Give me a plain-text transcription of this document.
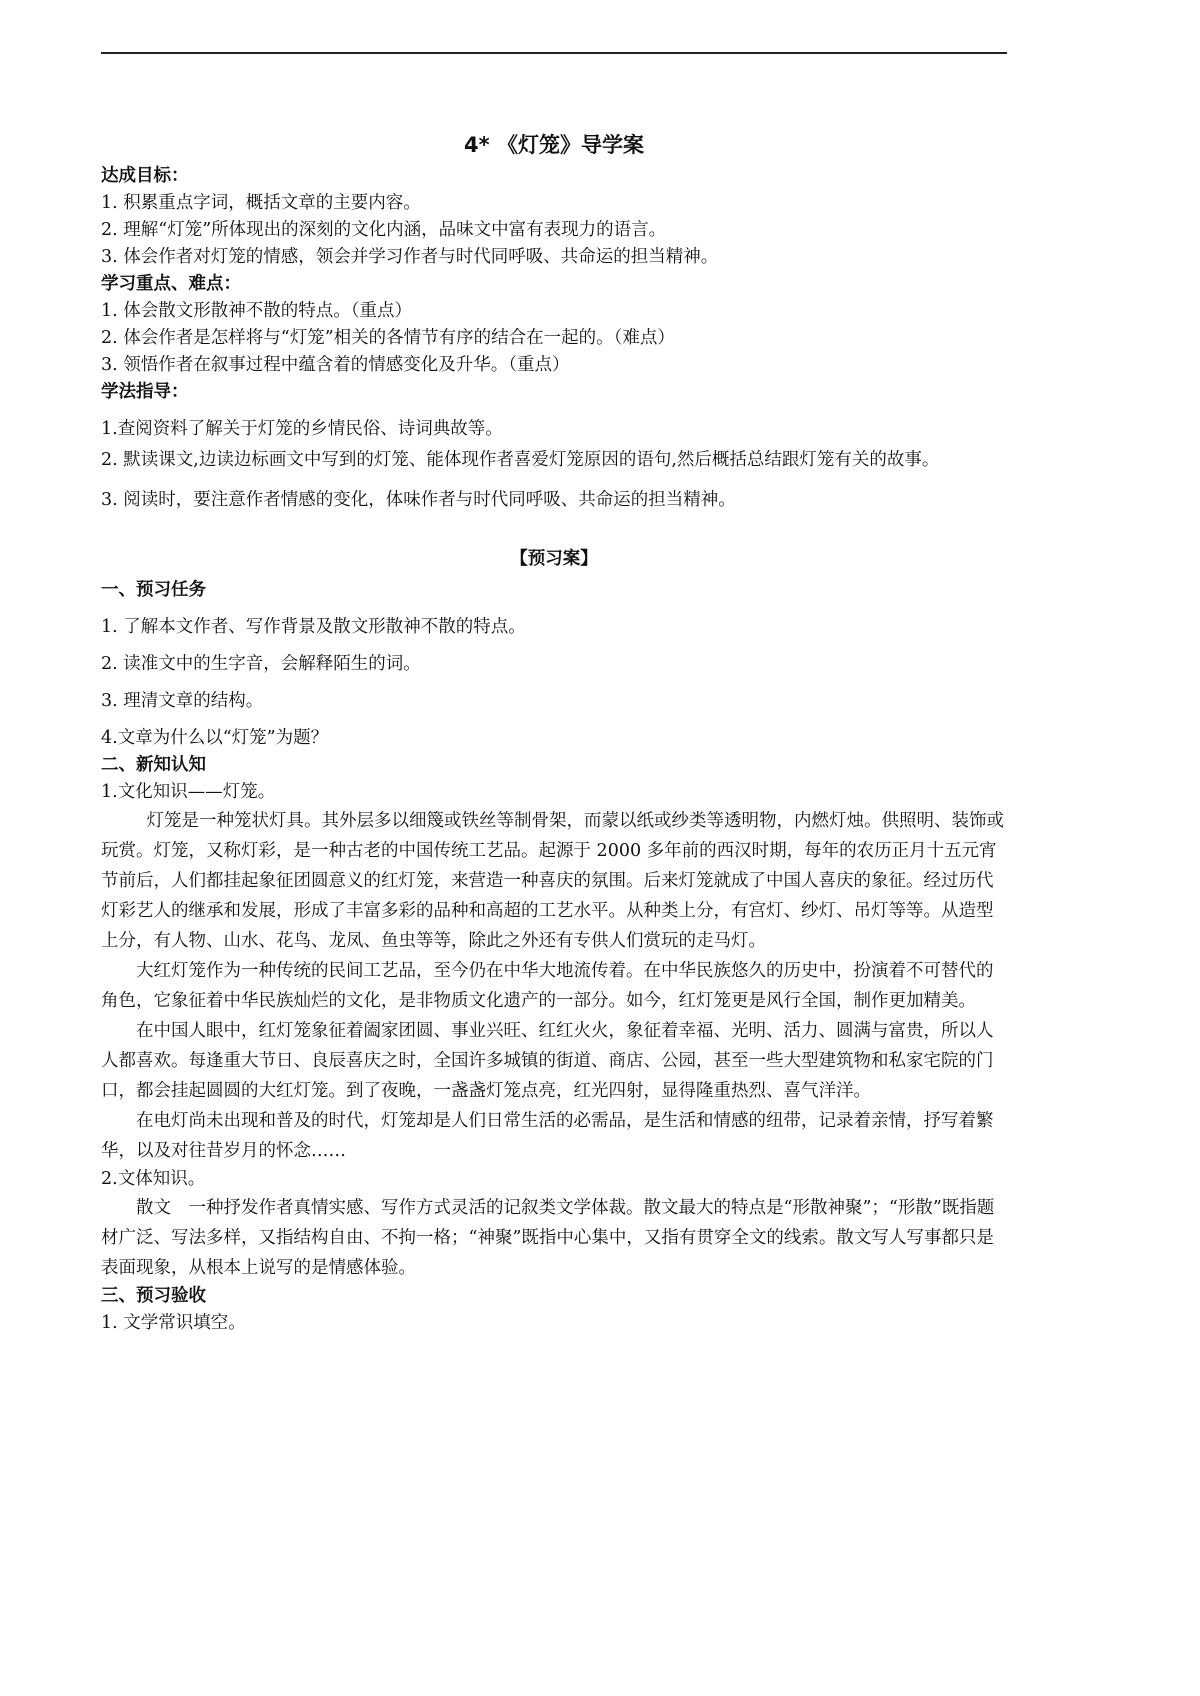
4* 《灯笼》导学案
达成目标：
1. 积累重点字词，概括文章的主要内容。
2. 理解“灯笼”所体现出的深刻的文化内涵，品味文中富有表现力的语言。
3. 体会作者对灯笼的情感，领会并学习作者与时代同呼吸、共命运的担当精神。
学习重点、难点：
1. 体会散文形散神不散的特点。（重点）
2. 体会作者是怎样将与“灯笼”相关的各情节有序的结合在一起的。（难点）
3. 领悟作者在叙事过程中蕴含着的情感变化及升华。（重点）
学法指导：
1.查阅资料了解关于灯笼的乡情民俗、诗词典故等。
2. 默读课文,边读边标画文中写到的灯笼、能体现作者喜爱灯笼原因的语句,然后概括总结跟灯笼有关的故事。
3. 阅读时，要注意作者情感的变化，体味作者与时代同呼吸、共命运的担当精神。
【预习案】
一、预习任务
1. 了解本文作者、写作背景及散文形散神不散的特点。
2. 读准文中的生字音，会解释陌生的词。
3. 理清文章的结构。
4.文章为什么以“灯笼”为题？
二、新知认知
1.文化知识——灯笼。
灯笼是一种笼状灯具。其外层多以细篾或铁丝等制骨架，而蒙以纸或纱类等透明物，内燃灯烛。供照明、装饰或玩赏。灯笼，又称灯彩，是一种古老的中国传统工艺品。起源于 2000 多年前的西汉时期，每年的农历正月十五元宵节前后，人们都挂起象征团圆意义的红灯笼，来营造一种喜庆的氛围。后来灯笼就成了中国人喜庆的象征。经过历代灯彩艺人的继承和发展，形成了丰富多彩的品种和高超的工艺水平。从种类上分，有宫灯、纱灯、吊灯等等。从造型上分，有人物、山水、花鸟、龙凤、鱼虫等等，除此之外还有专供人们赏玩的走马灯。
大红灯笼作为一种传统的民间工艺品，至今仍在中华大地流传着。在中华民族悠久的历史中，扮演着不可替代的角色，它象征着中华民族灿烂的文化，是非物质文化遗产的一部分。如今，红灯笼更是风行全国，制作更加精美。
在中国人眼中，红灯笼象征着阖家团圆、事业兴旺、红红火火，象征着幸福、光明、活力、圆满与富贵，所以人人都喜欢。每逢重大节日、良辰喜庆之时，全国许多城镇的街道、商店、公园，甚至一些大型建筑物和私家宅院的门口，都会挂起圆圆的大红灯笼。到了夜晚，一盏盏灯笼点亮，红光四射，显得隆重热烈、喜气洋洋。
在电灯尚未出现和普及的时代，灯笼却是人们日常生活的必需品，是生活和情感的纽带，记录着亲情，抒写着繁华，以及对往昔岁月的怀念……
2.文体知识。
散文　一种抒发作者真情实感、写作方式灵活的记叙类文学体裁。散文最大的特点是“形散神聚”；“形散”既指题材广泛、写法多样，又指结构自由、不拘一格；“神聚”既指中心集中，又指有贯穿全文的线索。散文写人写事都只是表面现象，从根本上说写的是情感体验。
三、预习验收
1. 文学常识填空。
